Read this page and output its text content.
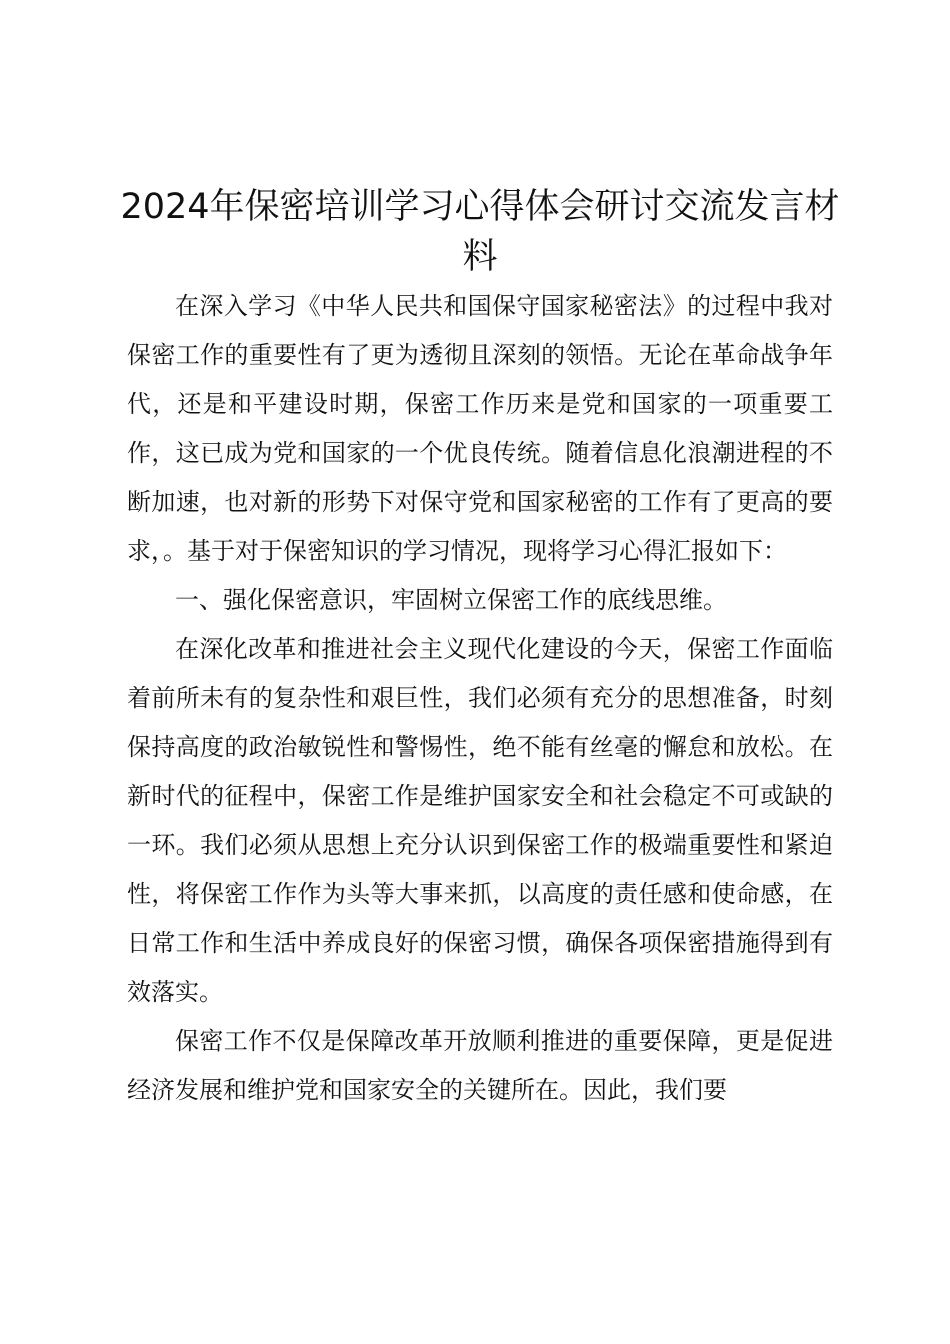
2024年保密培训学习心得体会研讨交流发言材料

在深入学习《中华人民共和国保守国家秘密法》的过程中我对保密工作的重要性有了更为透彻且深刻的领悟。无论在革命战争年代，还是和平建设时期，保密工作历来是党和国家的一项重要工作，这已成为党和国家的一个优良传统。随着信息化浪潮进程的不断加速，也对新的形势下对保守党和国家秘密的工作有了更高的要求，。基于对于保密知识的学习情况，现将学习心得汇报如下：

一、强化保密意识，牢固树立保密工作的底线思维。

在深化改革和推进社会主义现代化建设的今天，保密工作面临着前所未有的复杂性和艰巨性，我们必须有充分的思想准备，时刻保持高度的政治敏锐性和警惕性，绝不能有丝毫的懈怠和放松。在新时代的征程中，保密工作是维护国家安全和社会稳定不可或缺的一环。我们必须从思想上充分认识到保密工作的极端重要性和紧迫性，将保密工作作为头等大事来抓，以高度的责任感和使命感，在日常工作和生活中养成良好的保密习惯，确保各项保密措施得到有效落实。

保密工作不仅是保障改革开放顺利推进的重要保障，更是促进经济发展和维护党和国家安全的关键所在。因此，我们要
